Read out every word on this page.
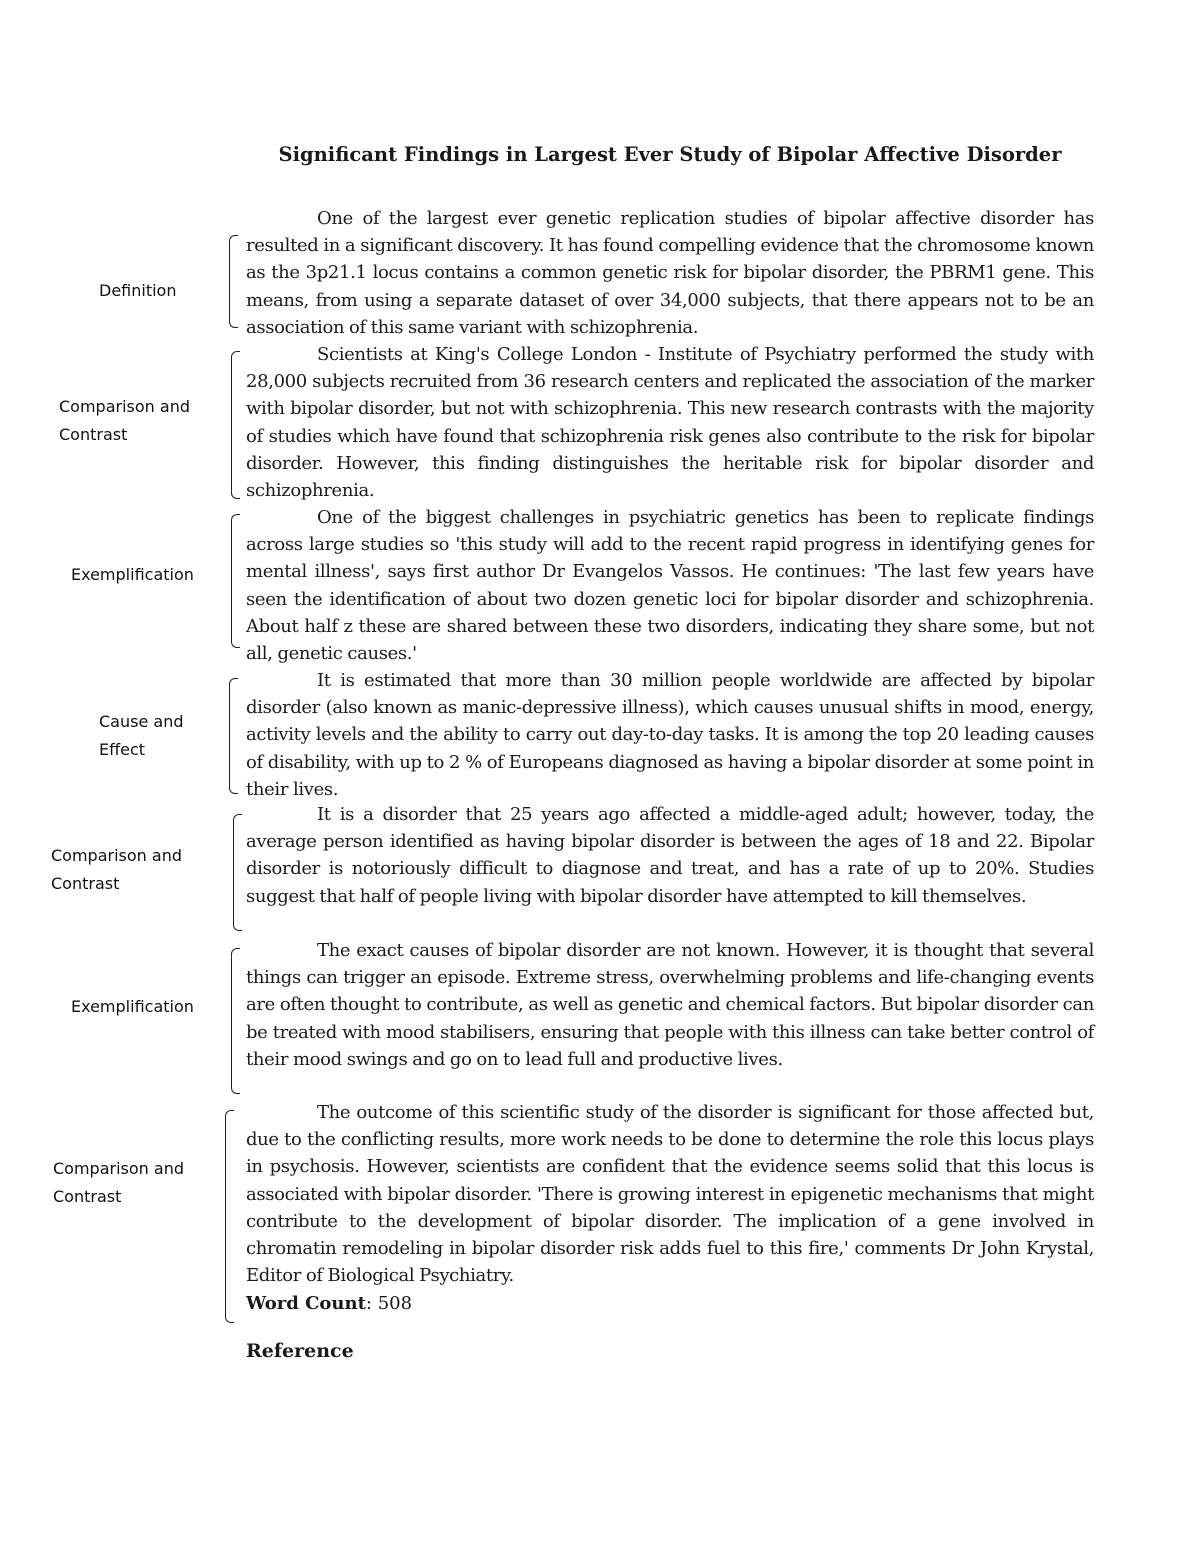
Significant Findings in Largest Ever Study of Bipolar Affective Disorder

Definition

One of the largest ever genetic replication studies of bipolar affective disorder has resulted in a significant discovery. It has found compelling evidence that the chromosome known as the 3p21.1 locus contains a common genetic risk for bipolar disorder, the PBRM1 gene. This means, from using a separate dataset of over 34,000 subjects, that there appears not to be an association of this same variant with schizophrenia.

Comparison and Contrast

Scientists at King's College London - Institute of Psychiatry performed the study with 28,000 subjects recruited from 36 research centers and replicated the association of the marker with bipolar disorder, but not with schizophrenia. This new research contrasts with the majority of studies which have found that schizophrenia risk genes also contribute to the risk for bipolar disorder. However, this finding distinguishes the heritable risk for bipolar disorder and schizophrenia.

Exemplification

One of the biggest challenges in psychiatric genetics has been to replicate findings across large studies so 'this study will add to the recent rapid progress in identifying genes for mental illness', says first author Dr Evangelos Vassos. He continues: 'The last few years have seen the identification of about two dozen genetic loci for bipolar disorder and schizophrenia. About half z these are shared between these two disorders, indicating they share some, but not all, genetic causes.'

Cause and Effect

It is estimated that more than 30 million people worldwide are affected by bipolar disorder (also known as manic-depressive illness), which causes unusual shifts in mood, energy, activity levels and the ability to carry out day-to-day tasks. It is among the top 20 leading causes of disability, with up to 2 % of Europeans diagnosed as having a bipolar disorder at some point in their lives.

Comparison and Contrast

It is a disorder that 25 years ago affected a middle-aged adult; however, today, the average person identified as having bipolar disorder is between the ages of 18 and 22. Bipolar disorder is notoriously difficult to diagnose and treat, and has a rate of up to 20%. Studies suggest that half of people living with bipolar disorder have attempted to kill themselves.

Exemplification

The exact causes of bipolar disorder are not known. However, it is thought that several things can trigger an episode. Extreme stress, overwhelming problems and life-changing events are often thought to contribute, as well as genetic and chemical factors. But bipolar disorder can be treated with mood stabilisers, ensuring that people with this illness can take better control of their mood swings and go on to lead full and productive lives.

Comparison and Contrast

The outcome of this scientific study of the disorder is significant for those affected but, due to the conflicting results, more work needs to be done to determine the role this locus plays in psychosis. However, scientists are confident that the evidence seems solid that this locus is associated with bipolar disorder. 'There is growing interest in epigenetic mechanisms that might contribute to the development of bipolar disorder. The implication of a gene involved in chromatin remodeling in bipolar disorder risk adds fuel to this fire,' comments Dr John Krystal, Editor of Biological Psychiatry.

Word Count: 508

Reference
